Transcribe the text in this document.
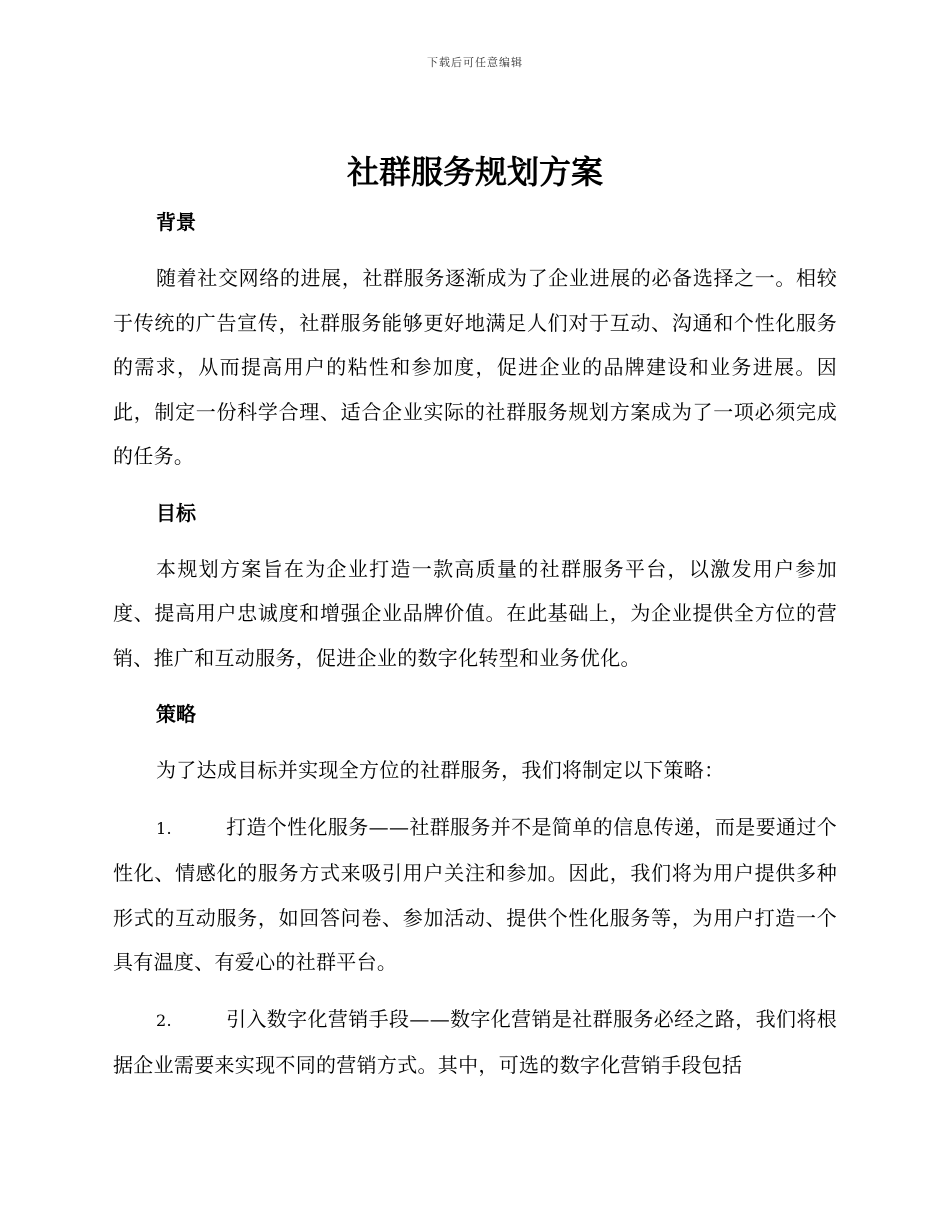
下载后可任意编辑
社群服务规划方案
背景

随着社交网络的进展，社群服务逐渐成为了企业进展的必备选择之一。相较于传统的广告宣传，社群服务能够更好地满足人们对于互动、沟通和个性化服务的需求，从而提高用户的粘性和参加度，促进企业的品牌建设和业务进展。因此，制定一份科学合理、适合企业实际的社群服务规划方案成为了一项必须完成的任务。

目标

本规划方案旨在为企业打造一款高质量的社群服务平台，以激发用户参加度、提高用户忠诚度和增强企业品牌价值。在此基础上，为企业提供全方位的营销、推广和互动服务，促进企业的数字化转型和业务优化。

策略

为了达成目标并实现全方位的社群服务，我们将制定以下策略：

1.	打造个性化服务——社群服务并不是简单的信息传递，而是要通过个性化、情感化的服务方式来吸引用户关注和参加。因此，我们将为用户提供多种形式的互动服务，如回答问卷、参加活动、提供个性化服务等，为用户打造一个具有温度、有爱心的社群平台。

2.	引入数字化营销手段——数字化营销是社群服务必经之路，我们将根据企业需要来实现不同的营销方式。其中，可选的数字化营销手段包括
